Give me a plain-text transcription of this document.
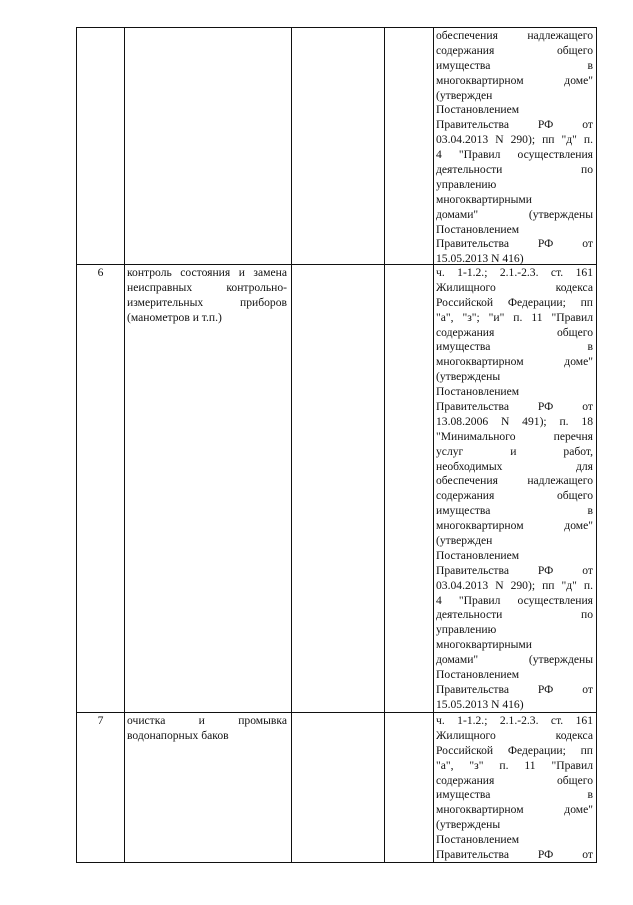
обеспечения надлежащего
содержания общего
имущества в
многоквартирном доме"
(утвержден
Постановлением
Правительства РФ от
03.04.2013 N 290); пп "д" п.
4 "Правил осуществления
деятельности по
управлению
многоквартирными
домами" (утверждены
Постановлением
Правительства РФ от
15.05.2013 N 416)
6	контроль состояния и замена неисправных контрольно-измерительных приборов (манометров и т.п.)
ч. 1-1.2.; 2.1.-2.3. ст. 161
Жилищного кодекса
Российской Федерации; пп
"а", "з"; "и" п. 11 "Правил
содержания общего
имущества в
многоквартирном доме"
(утверждены
Постановлением
Правительства РФ от
13.08.2006 N 491); п. 18
"Минимального перечня
услуг и работ,
необходимых для
обеспечения надлежащего
содержания общего
имущества в
многоквартирном доме"
(утвержден
Постановлением
Правительства РФ от
03.04.2013 N 290); пп "д" п.
4 "Правил осуществления
деятельности по
управлению
многоквартирными
домами" (утверждены
Постановлением
Правительства РФ от
15.05.2013 N 416)
7	очистка и промывка водонапорных баков
ч. 1-1.2.; 2.1.-2.3. ст. 161
Жилищного кодекса
Российской Федерации; пп
"а", "з" п. 11 "Правил
содержания общего
имущества в
многоквартирном доме"
(утверждены
Постановлением
Правительства РФ от
